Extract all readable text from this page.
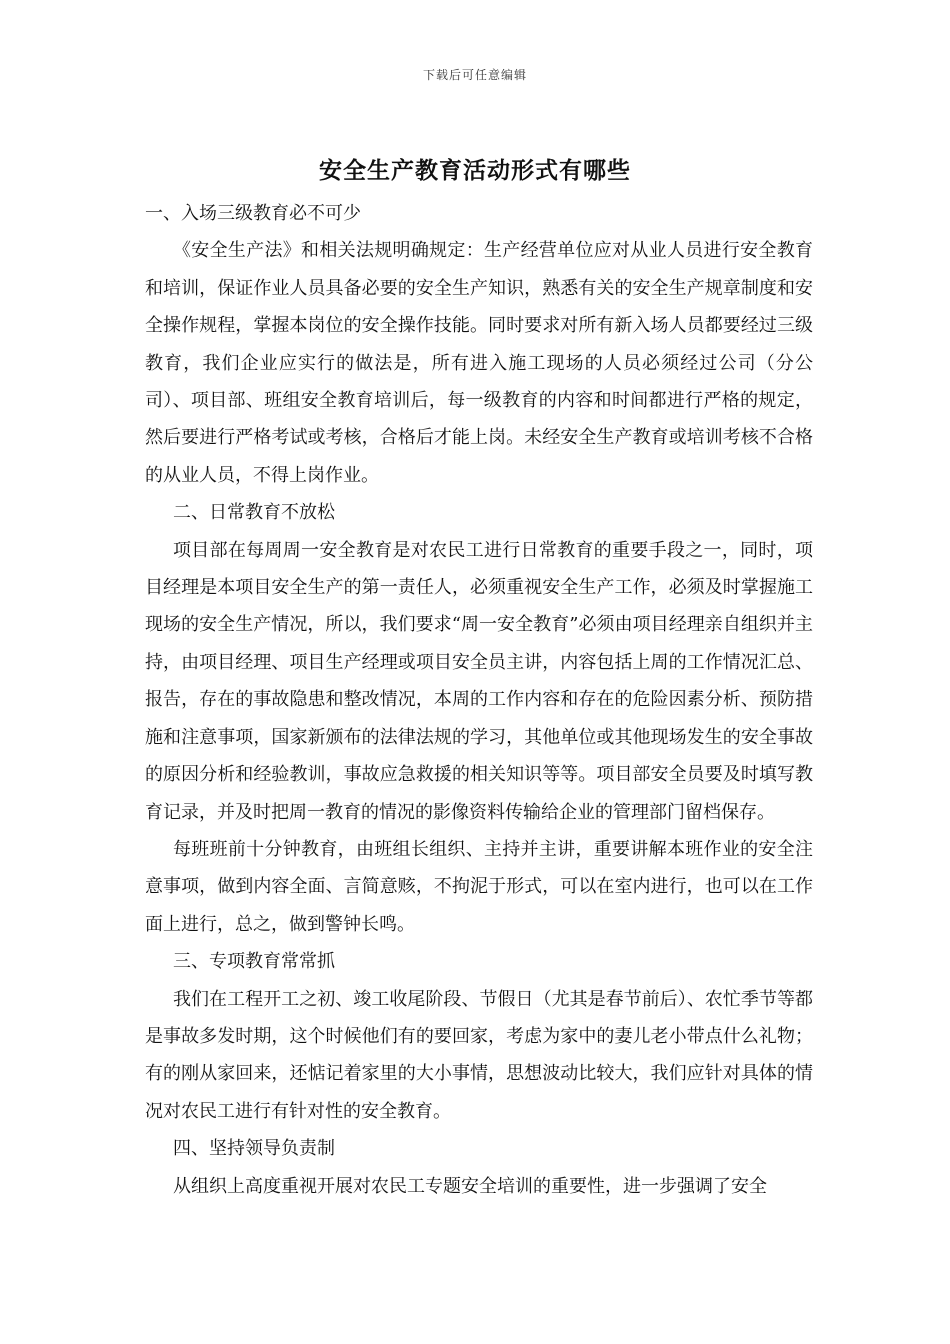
下载后可任意编辑
安全生产教育活动形式有哪些

一、入场三级教育必不可少

《安全生产法》和相关法规明确规定：生产经营单位应对从业人员进行安全教育和培训，保证作业人员具备必要的安全生产知识，熟悉有关的安全生产规章制度和安全操作规程，掌握本岗位的安全操作技能。同时要求对所有新入场人员都要经过三级教育，我们企业应实行的做法是，所有进入施工现场的人员必须经过公司（分公司）、项目部、班组安全教育培训后，每一级教育的内容和时间都进行严格的规定，然后要进行严格考试或考核，合格后才能上岗。未经安全生产教育或培训考核不合格的从业人员，不得上岗作业。

二、日常教育不放松

项目部在每周周一安全教育是对农民工进行日常教育的重要手段之一，同时，项目经理是本项目安全生产的第一责任人，必须重视安全生产工作，必须及时掌握施工现场的安全生产情况，所以，我们要求“周一安全教育”必须由项目经理亲自组织并主持，由项目经理、项目生产经理或项目安全员主讲，内容包括上周的工作情况汇总、报告，存在的事故隐患和整改情况，本周的工作内容和存在的危险因素分析、预防措施和注意事项，国家新颁布的法律法规的学习，其他单位或其他现场发生的安全事故的原因分析和经验教训，事故应急救援的相关知识等等。项目部安全员要及时填写教育记录，并及时把周一教育的情况的影像资料传输给企业的管理部门留档保存。

每班班前十分钟教育，由班组长组织、主持并主讲，重要讲解本班作业的安全注意事项，做到内容全面、言简意赅，不拘泥于形式，可以在室内进行，也可以在工作面上进行，总之，做到警钟长鸣。

三、专项教育常常抓

我们在工程开工之初、竣工收尾阶段、节假日（尤其是春节前后）、农忙季节等都是事故多发时期，这个时候他们有的要回家，考虑为家中的妻儿老小带点什么礼物；有的刚从家回来，还惦记着家里的大小事情，思想波动比较大，我们应针对具体的情况对农民工进行有针对性的安全教育。

四、坚持领导负责制

从组织上高度重视开展对农民工专题安全培训的重要性，进一步强调了安全
